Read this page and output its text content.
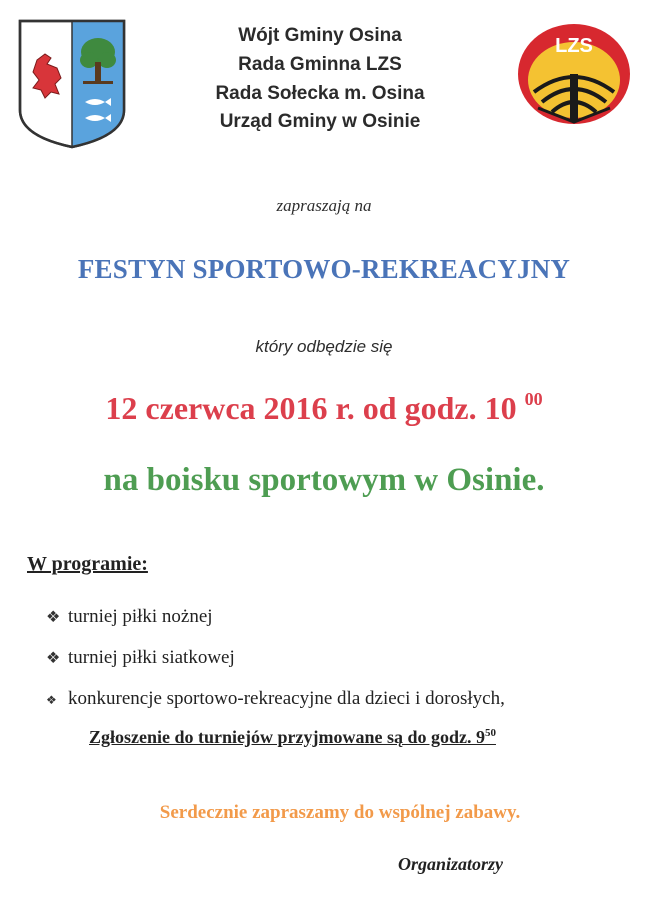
LZS
Wójt Gminy Osina
Rada Gminna LZS
Rada Sołecka m. Osina
Urząd Gminy w Osinie
zapraszają na
FESTYN SPORTOWO-REKREACYJNY
który odbędzie się
12 czerwca 2016 r. od godz. 10 $^{00}$
na boisku sportowym w Osinie.
W programie:
❖ turniej piłki nożnej
❖ turniej piłki siatkowej
❖ konkurencje sportowo-rekreacyjne dla dzieci i dorosłych,
Zgłoszenie do turniejów przyjmowane są do godz. $9^{50}$
Serdecznie zapraszamy do wspólnej zabawy.
Organizatorzy
